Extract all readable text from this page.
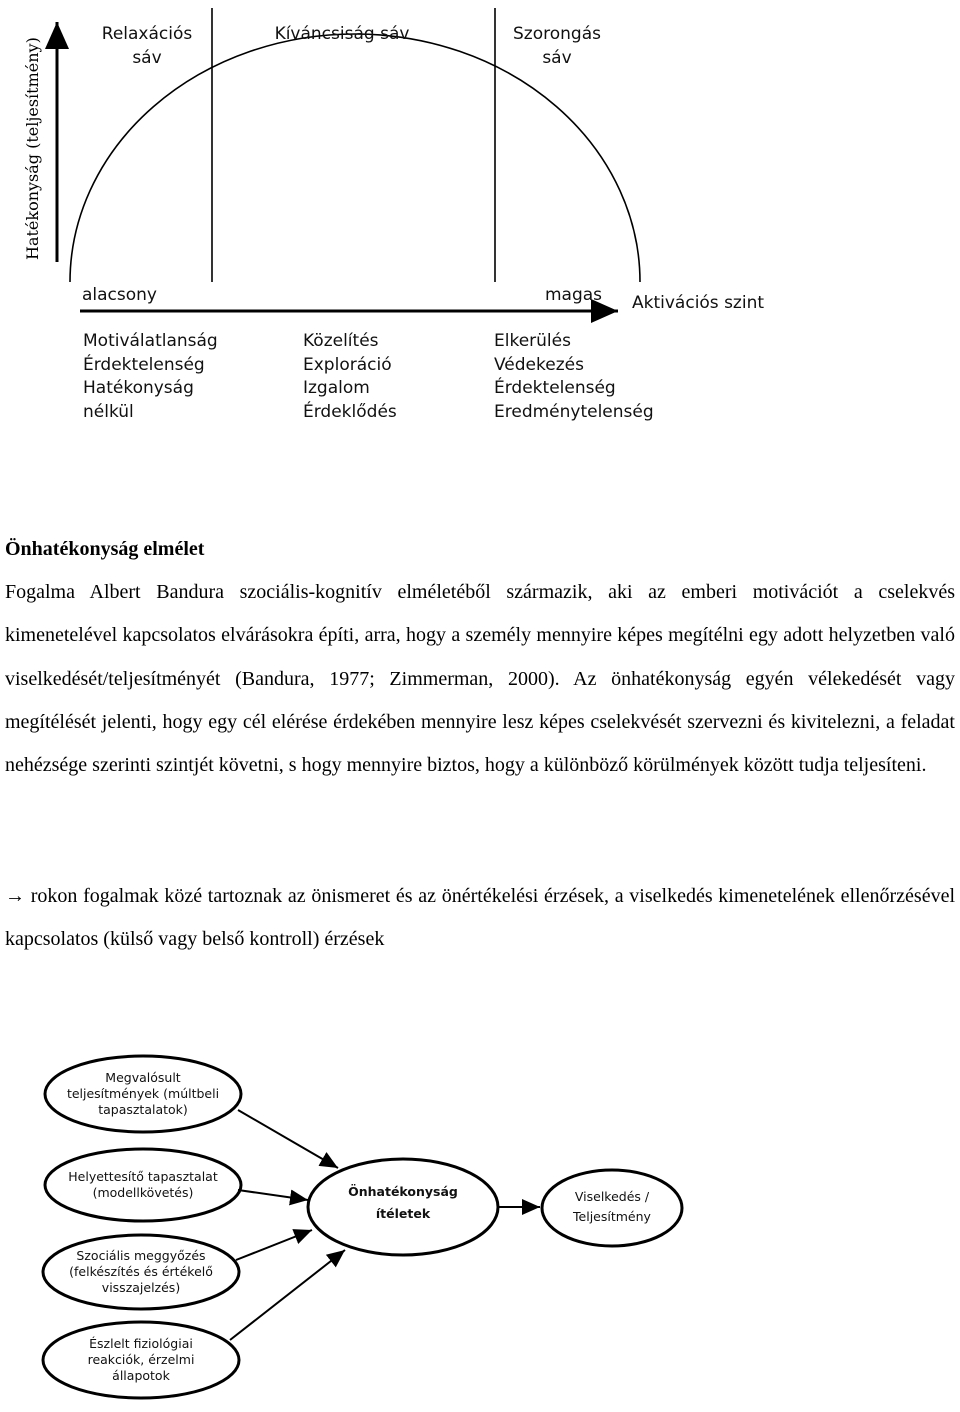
Hatékonyság (teljesítmény)
Relaxációs
sáv
Kíváncsiság sáv	Szorongás
sáv
alacsony	magas Aktivációs szint
Motiválatlanság
Érdektelenség
Hatékonyság
nélkül
Közelítés
Exploráció
Izgalom
Érdeklődés
Elkerülés
Védekezés
Érdektelenség
Eredménytelenség
Önhatékonyság elmélet

Fogalma Albert Bandura szociális-kognitív elméletéből származik, aki az emberi motivációt a cselekvés kimenetelével kapcsolatos elvárásokra építi, arra, hogy a személy mennyire képes megítélni egy adott helyzetben való viselkedését/teljesítményét (Bandura, 1977; Zimmerman, 2000). Az önhatékonyság egyén vélekedését vagy megítélését jelenti, hogy egy cél elérése érdekében mennyire lesz képes cselekvését szervezni és kivitelezni, a feladat nehézsége szerinti szintjét követni, s hogy mennyire biztos, hogy a különböző körülmények között tudja teljesíteni.

→ rokon fogalmak közé tartoznak az önismeret és az önértékelési érzések, a viselkedés kimenetelének ellenőrzésével kapcsolatos (külső vagy belső kontroll) érzések

Megvalósult
teljesítmények (múltbeli
tapasztalatok)
Helyettesítő tapasztalat
(modellkövetés)
Szociális meggyőzés
(felkészítés és értékelő
visszajelzés)
Észlelt fiziológiai
reakciók, érzelmi
állapotok
Önhatékonyság
ítéletek
Viselkedés /
Teljesítmény
